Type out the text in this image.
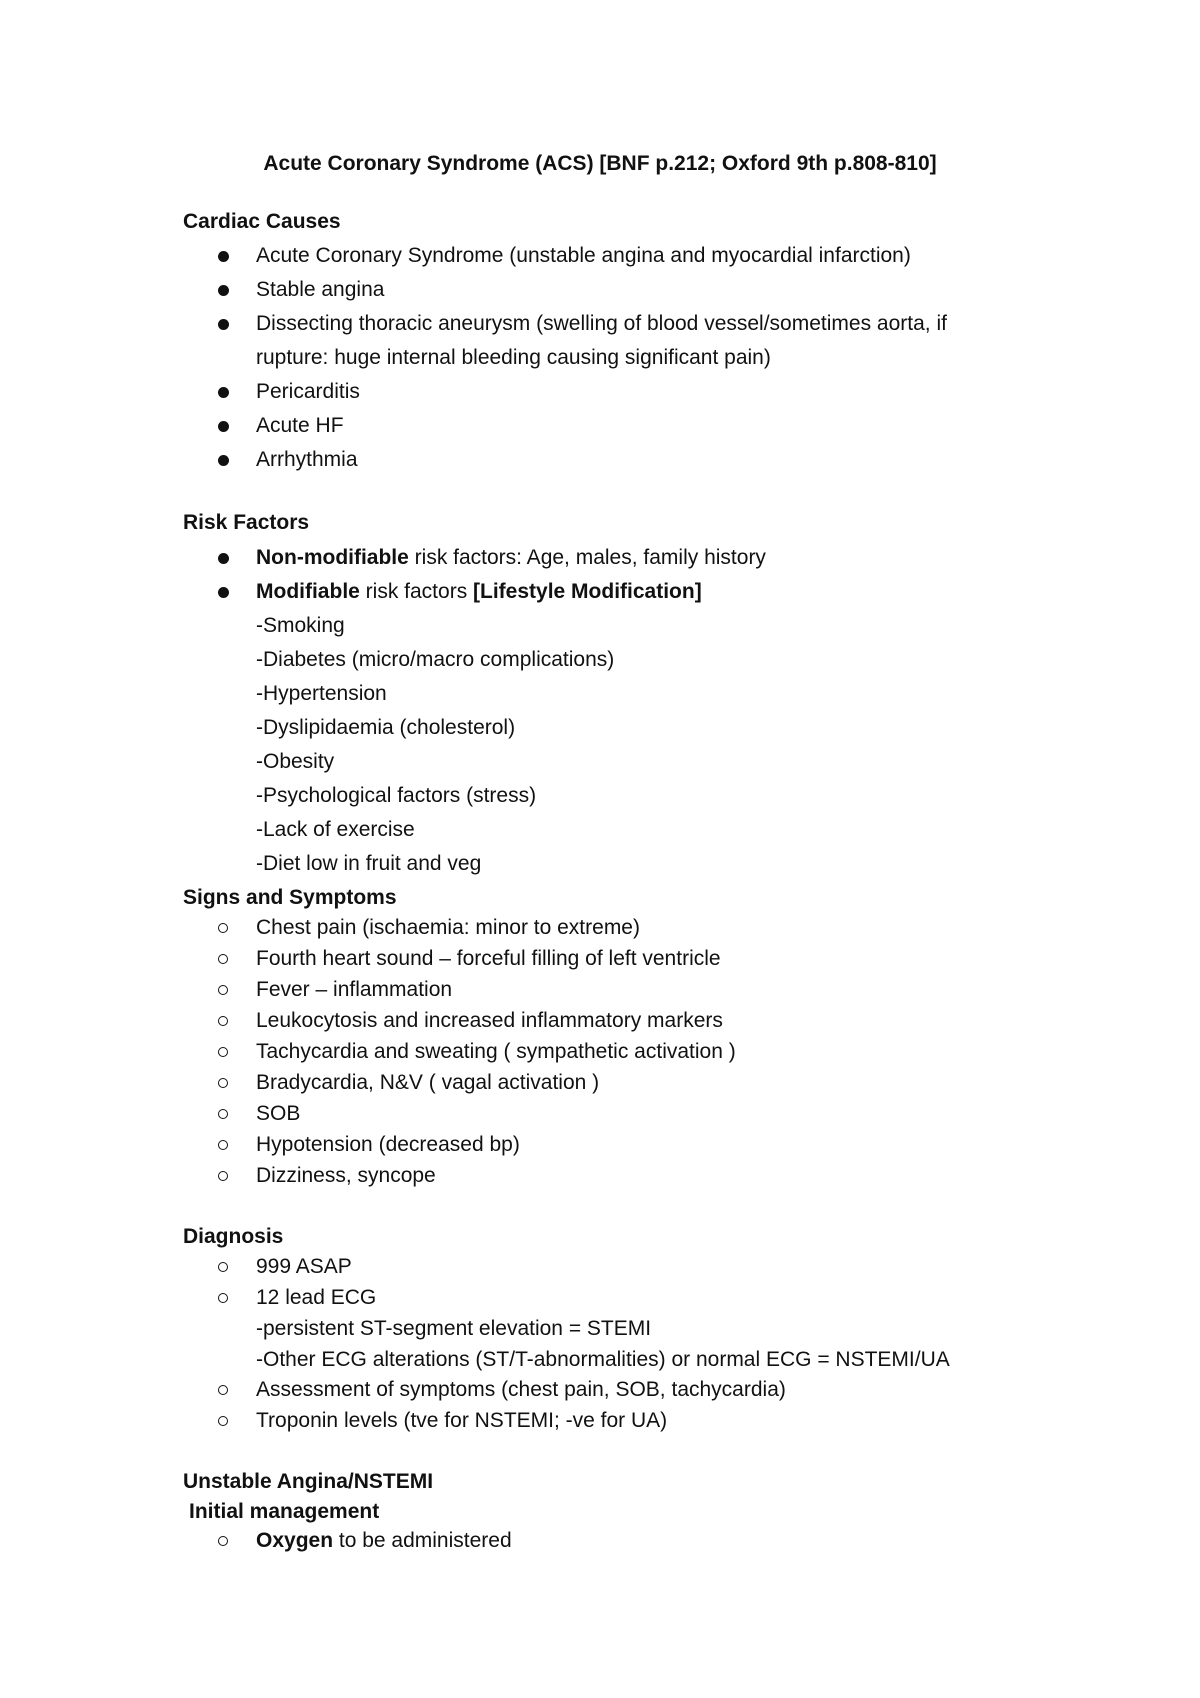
Acute Coronary Syndrome (ACS) [BNF p.212; Oxford 9th p.808-810]
Cardiac Causes
Acute Coronary Syndrome (unstable angina and myocardial infarction)
Stable angina
Dissecting thoracic aneurysm (swelling of blood vessel/sometimes aorta, if
rupture: huge internal bleeding causing significant pain)
Pericarditis
Acute HF
Arrhythmia
Risk Factors
Non-modifiable risk factors: Age, males, family history
Modifiable risk factors [Lifestyle Modification]
-Smoking
-Diabetes (micro/macro complications)
-Hypertension
-Dyslipidaemia (cholesterol)
-Obesity
-Psychological factors (stress)
-Lack of exercise
-Diet low in fruit and veg
Signs and Symptoms
Chest pain (ischaemia: minor to extreme)
Fourth heart sound – forceful filling of left ventricle
Fever – inflammation
Leukocytosis and increased inflammatory markers
Tachycardia and sweating ( sympathetic activation )
Bradycardia, N&V ( vagal activation )
SOB
Hypotension (decreased bp)
Dizziness, syncope
Diagnosis
999 ASAP
12 lead ECG
-persistent ST-segment elevation = STEMI
-Other ECG alterations (ST/T-abnormalities) or normal ECG = NSTEMI/UA
Assessment of symptoms (chest pain, SOB, tachycardia)
Troponin levels (tve for NSTEMI; -ve for UA)
Unstable Angina/NSTEMI
Initial management
Oxygen to be administered
